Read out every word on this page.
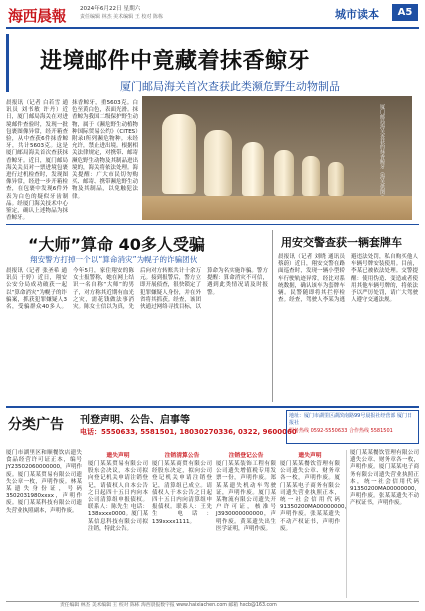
海西晨報 2024年6月22日 星期六
责任编辑 林杰 美术编辑 王 校对 陈栋	城市读本	A5
进境邮件中竟藏着抹香鲸牙
厦门邮局海关首次查获此类濒危野生动物制品
晨报讯（记者 白若雪 通讯员 刘书敏 许丹）近日，厦门邮局海关在对进境邮件查验时，发现一批包裹图像异常，经开箱查验，从中查获6件抹香鲸牙，共计5603克。这是厦门邮局海关首次查获抹香鲸牙。近日，厦门邮局海关关员对一票进境包裹进行过机检查时，发现图像异常，经进一步开箱检查，在包裹中发现6件外表为白色的疑似牙齿制品。经厦门海关技术中心鉴定，确认上述物品为抹香鲸牙。
抹香鲸牙，重5603克。白色至黄白色，表面光滑。抹香鲸为我国二级保护野生动物，属于《濒危野生动植物种国际贸易公约》（CITES）附录Ⅰ所列濒危物种。未经允许，禁止进出境。根据相关法律规定，对携带、邮寄濒危野生动物及其制品进出境的，海关将依法处理。海关提醒：广大市民切勿购买、邮寄、携带濒危野生动物及其制品，以免触犯法律。	厦门邮局海关查获的抹香鲸牙（海关供图）
“大师”算命 40多人受骗
翔安警方打掉一个以“算命消灾”为幌子的诈骗团伙
晨报讯（记者 张圣希 通讯员 于婷）近日，翔安公安分局成功破获一起以“算命消灾”为幌子的诈骗案，抓获犯罪嫌疑人3名，受骗群众40多人。今年5月，家住翔安的陈女士报警称，她在网上结识一名自称“大师”的男子，对方称其近期有血光之灾，需花钱做法事消灾。陈女士信以为真，先后向对方转账共计十余万元。接到报警后，警方立即开展侦查，很快锁定了犯罪嫌疑人身份，并在外省将其抓获。经查，该团伙通过网络寻找目标，以算命为名实施诈骗。警方提醒：算命消灾不可信，遇到此类情况请及时报警。
用安交警查获一辆套牌车
晨报讯（记者 刘晓 通讯员 蔡蔚）近日，翔安交警在路面巡查时，发现一辆小型轿车行驶轨迹异常，经比对系统数据，确认该车为套牌车辆。民警随即将其拦停检查。经查，驾驶人李某为逃避违法处罚，私自购买他人车辆号牌安装使用。目前，李某已被依法处理。交警提醒：使用伪造、变造或者使用其他车辆号牌的，将依法予以严厉处罚，请广大驾驶人遵守交通法规。
分类广告 刊登声明、公告、启事等
电话：5550633, 5581501, 18030270336, 0322, 9600060
地址：厦门市湖里区湖滨南路99号晨报社经营部 厦门日报社
服务热线 0592-5550633 合作热线 5581501
厦门市湖里区和顺餐饮店遗失食品经营许可证正本，编号JY23502060000000，声明作废。厦门某某贸易有限公司遗失公章一枚，声明作废。林某某遗失身份证，号码3502031980xxxx，声明作废。厦门某某科技有限公司遗失营业执照副本，声明作废。
遗失声明
厦门某某贸易有限公司股东会决议，本公司拟向登记机关申请注销登记，请债权人自本公告之日起四十五日内向本公司清算组申报债权。联系人：陈先生 电话：138xxxx0000。厦门某某信息科技有限公司拟注销，特此公告。
注销清算公告
厦门某某商贸有限公司经股东决定，拟向公司登记机关申请注销登记，清算组已成立。请债权人于本公告之日起四十五日内向清算组申报债权。联系人：王先生 电话：139xxxx1111。
注销登记公告
厦门某某装饰工程有限公司遗失增值税专用发票一份，声明作废。郑某某遗失机动车驾驶证，声明作废。厦门某某物流有限公司遗失开户许可证，核准号J3930000000000，声明作废。黄某遗失出生医学证明，声明作废。
遗失声明
厦门某某餐饮管理有限公司遗失公章、财务章各一枚，声明作废。厦门某某电子商务有限公司遗失营业执照正本，统一社会信用代码91350200MA00000000，声明作废。张某某遗失不动产权证书，声明作废。
厦门某某餐饮管理有限公司遗失公章、财务章各一枚，声明作废。厦门某某电子商务有限公司遗失营业执照正本，统一社会信用代码91350200MA00000000，声明作废。张某某遗失不动产权证书，声明作废。
责任编辑 林杰 美术编辑 王 校对 陈栋 海西晨报数字报 www.haixiachen.com 邮箱 hxcb@163.com
